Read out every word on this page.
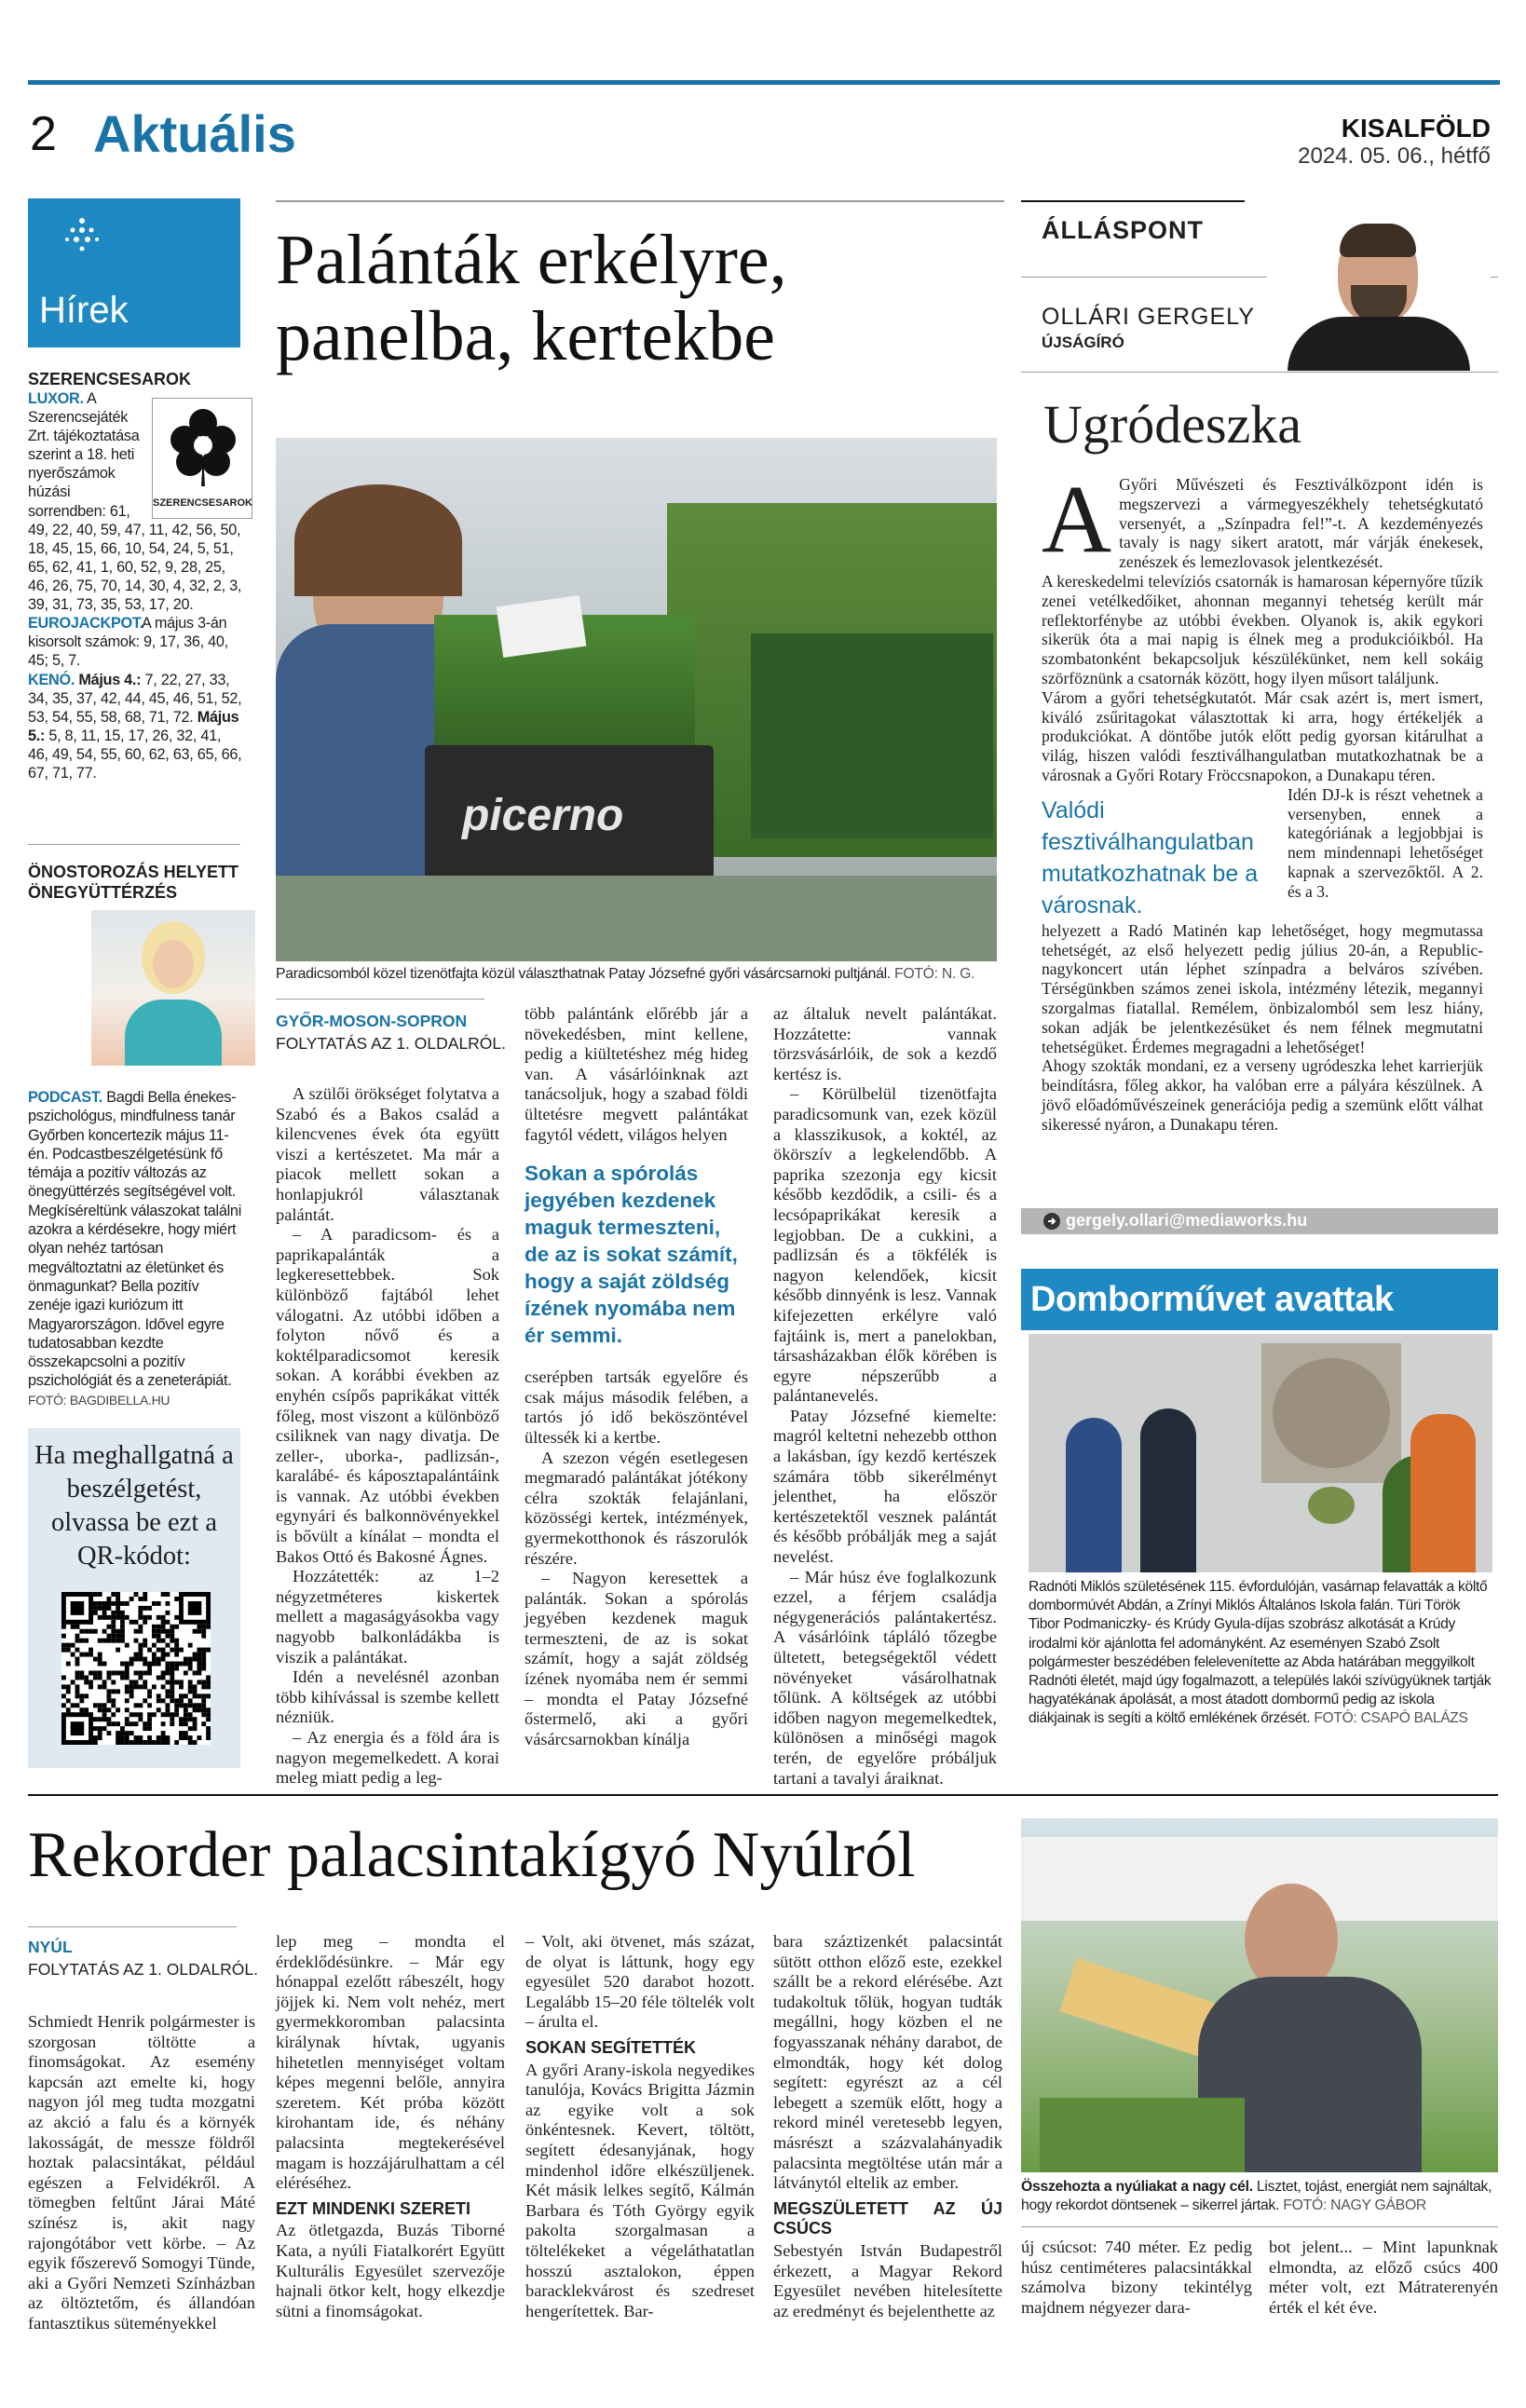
2 Aktuális	KISALFÖLD
2024. 05. 06., hétfő
Hírek
SZERENCSESAROK
SZERENCSESAROK
LUXOR. A Szerencsejáték Zrt. tájékoztatása szerint a 18. heti nyerőszámok húzási sorrendben: 61, 49, 22, 40, 59, 47, 11, 42, 56, 50, 18, 45, 15, 66, 10, 54, 24, 5, 51, 65, 62, 41, 1, 60, 52, 9, 28, 25, 46, 26, 75, 70, 14, 30, 4, 32, 2, 3, 39, 31, 73, 35, 53, 17, 20.
EUROJACKPOT.
A május 3-án kisorsolt számok: 9, 17, 36, 40, 45; 5, 7.
KENÓ. Május 4.: 7, 22, 27, 33, 34, 35, 37, 42, 44, 45, 46, 51, 52, 53, 54, 55, 58, 68, 71, 72. Május 5.: 5, 8, 11, 15, 17, 26, 32, 41, 46, 49, 54, 55, 60, 62, 63, 65, 66, 67, 71, 77.
ÖNOSTOROZÁS HELYETT ÖNEGYÜTTÉRZÉS
PODCAST. Bagdi Bella énekes-pszichológus, mindfulness tanár Győrben koncertezik május 11-én. Podcastbeszélgetésünk fő témája a pozitív változás az önegyüttérzés segítségével volt. Megkíséreltünk válaszokat találni azokra a kérdésekre, hogy miért olyan nehéz tartósan megváltoztatni az életünket és önmagunkat? Bella pozitív zenéje igazi kuriózum itt Magyarországon. Idővel egyre tudatosabban kezdte összekapcsolni a pozitív pszichológiát és a zeneterápiát.
FOTÓ: BAGDIBELLA.HU
Ha meghallgatná a beszélgetést, olvassa be ezt a QR-kódot:
Palánták erkélyre, panelba, kertekbe
picerno
Paradicsomból közel tizenötfajta közül választhatnak Patay Józsefné győri vásárcsarnoki pultjánál. FOTÓ: N. G.
GYŐR-MOSON-SOPRON
FOLYTATÁS AZ 1. OLDALRÓL.

A szülői örökséget folytatva a Szabó és a Bakos család a kilencvenes évek óta együtt viszi a kertészetet. Ma már a piacok mellett sokan a honlapjukról választanak palántát.

– A paradicsom- és a paprikapalánták a legkeresettebbek. Sok különböző fajtából lehet válogatni. Az utóbbi időben a folyton nővő és a koktélparadicsomot keresik sokan. A korábbi években az enyhén csípős paprikákat vitték főleg, most viszont a különböző csiliknek van nagy divatja. De zeller-, uborka-, padlizsán-, karalábé- és káposztapalántáink is vannak. Az utóbbi években egynyári és balkonnövényekkel is bővült a kínálat – mondta el Bakos Ottó és Bakosné Ágnes.

Hozzátették: az 1–2 négyzetméteres kiskertek mellett a magaságyásokba vagy nagyobb balkonládákba is viszik a palántákat.

Idén a nevelésnél azonban több kihívással is szembe kellett nézniük.

– Az energia és a föld ára is nagyon megemelkedett. A korai meleg miatt pedig a leg-

több palántánk előrébb jár a növekedésben, mint kellene, pedig a kiültetéshez még hideg van. A vásárlóinknak azt tanácsoljuk, hogy a szabad földi ültetésre megvett palántákat fagytól védett, világos helyen

Sokan a spórolás jegyében kezdenek maguk termeszteni, de az is sokat számít, hogy a saját zöldség ízének nyomába nem ér semmi.

cserépben tartsák egyelőre és csak május második felében, a tartós jó idő beköszöntével ültessék ki a kertbe.

A szezon végén esetlegesen megmaradó palántákat jótékony célra szokták felajánlani, közösségi kertek, intézmények, gyermekotthonok és rászorulók részére.

– Nagyon keresettek a palánták. Sokan a spórolás jegyében kezdenek maguk termeszteni, de az is sokat számít, hogy a saját zöldség ízének nyomába nem ér semmi – mondta el Patay Józsefné őstermelő, aki a győri vásárcsarnokban kínálja

az általuk nevelt palántákat. Hozzátette: vannak törzsvásárlóik, de sok a kezdő kertész is.

– Körülbelül tizenötfajta paradicsomunk van, ezek közül a klasszikusok, a koktél, az ökörszív a legkelendőbb. A paprika szezonja egy kicsit később kezdődik, a csili- és a lecsópaprikákat keresik a legjobban. De a cukkini, a padlizsán és a tökfélék is nagyon kelendőek, kicsit később dinnyénk is lesz. Vannak kifejezetten erkélyre való fajtáink is, mert a panelokban, társasházakban élők körében is egyre népszerűbb a palántanevelés.

Patay Józsefné kiemelte: magról keltetni nehezebb otthon a lakásban, így kezdő kertészek számára több sikerélményt jelenthet, ha először kertészetektől vesznek palántát és később próbálják meg a saját nevelést.

– Már húsz éve foglalkozunk ezzel, a férjem családja négygenerációs palántakertész. A vásárlóink tápláló tőzegbe ültetett, betegségektől védett növényeket vásárolhatnak tőlünk. A költségek az utóbbi időben nagyon megemelkedtek, különösen a minőségi magok terén, de egyelőre próbáljuk tartani a tavalyi áraiknat.

ÁLLÁSPONT
OLLÁRI GERGELY
ÚJSÁGÍRÓ
Ugródeszka
A Győri Művészeti és Fesztiválközpont idén is megszervezi a vármegyeszékhely tehetségkutató versenyét, a „Színpadra fel!”-t. A kezdeményezés tavaly is nagy sikert aratott, már várják énekesek, zenészek és lemezlovasok jelentkezését.

A kereskedelmi televíziós csatornák is hamarosan képernyőre tűzik zenei vetélkedőiket, ahonnan megannyi tehetség került már reflektorfénybe az utóbbi években. Olyanok is, akik egykori sikerük óta a mai napig is élnek meg a produkcióikból. Ha szombatonként bekapcsoljuk készülékünket, nem kell sokáig szörföznünk a csatornák között, hogy ilyen műsort találjunk.

Várom a győri tehetségkutatót. Már csak azért is, mert ismert, kiváló zsűritagokat választottak ki arra, hogy értékeljék a produkciókat. A döntőbe jutók előtt pedig gyorsan kitárulhat a világ, hiszen valódi fesztiválhangulatban mutatkozhatnak be a városnak a Győri Rotary Fröccsnapokon, a Dunakapu téren.

Valódi fesztiválhangulatban mutatkozhatnak be a városnak.

Idén DJ-k is részt vehetnek a versenyben, ennek a kategóriának a legjobbjai is nem mindennapi lehetőséget kapnak a szervezőktől. A 2. és a 3.

helyezett a Radó Matinén kap lehetőséget, hogy megmutassa tehetségét, az első helyezett pedig július 20-án, a Republic-nagykoncert után léphet színpadra a belváros szívében. Térségünkben számos zenei iskola, intézmény létezik, megannyi szorgalmas fiatallal. Remélem, önbizalomból sem lesz hiány, sokan adják be jelentkezésüket és nem félnek megmutatni tehetségüket. Érdemes megragadni a lehetőséget!

Ahogy szokták mondani, ez a verseny ugródeszka lehet karrierjük beindításra, főleg akkor, ha valóban erre a pályára készülnek. A jövő előadóművészeinek generációja pedig a szemünk előtt válhat sikeressé nyáron, a Dunakapu téren.

gergely.ollari@mediaworks.hu
Domborművet avattak
Radnóti Miklós születésének 115. évfordulóján, vasárnap felavatták a költő dombormúvét Abdán, a Zrínyi Miklós Általános Iskola falán. Türi Török Tibor Podmaniczky- és Krúdy Gyula-díjas szobrász alkotását a Krúdy irodalmi kör ajánlotta fel adományként. Az eseményen Szabó Zsolt polgármester beszédében felelevenítette az Abda határában meggyilkolt Radnóti életét, majd úgy fogalmazott, a település lakói szívügyüknek tartják hagyatékának ápolását, a most átadott dombormű pedig az iskola diákjainak is segíti a költő emlékének őrzését. FOTÓ: CSAPÓ BALÁZS
Rekorder palacsintakígyó Nyúlról
NYÚL
FOLYTATÁS AZ 1. OLDALRÓL.

Schmiedt Henrik polgármester is szorgosan töltötte a finomságokat. Az esemény kapcsán azt emelte ki, hogy nagyon jól meg tudta mozgatni az akció a falu és a környék lakosságát, de messze földről hoztak palacsintákat, például egészen a Felvidékről. A tömegben feltűnt Járai Máté színész is, akit nagy rajongótábor vett körbe. – Az egyik főszerevő Somogyi Tünde, aki a Győri Nemzeti Színházban az öltöztetőm, és állandóan fantasztikus süteményekkel

lep meg – mondta el érdeklődésünkre. – Már egy hónappal ezelőtt rábeszélt, hogy jöjjek ki. Nem volt nehéz, mert gyermekkoromban palacsinta királynak hívtak, ugyanis hihetetlen mennyiséget voltam képes megenni belőle, annyira szeretem. Két próba között kirohantam ide, és néhány palacsinta megtekerésével magam is hozzájárulhattam a cél eléréséhez.

EZT MINDENKI SZERETI

Az ötletgazda, Buzás Tiborné Kata, a nyúli Fiatalkorért Együtt Kulturális Egyesület szervezője hajnali ötkor kelt, hogy elkezdje sütni a finomságokat.

– Volt, aki ötvenet, más százat, de olyat is láttunk, hogy egy egyesület 520 darabot hozott. Legalább 15–20 féle töltelék volt – árulta el.

SOKAN SEGÍTETTÉK

A győri Arany-iskola negyedikes tanulója, Kovács Brigitta Jázmin az egyike volt a sok önkéntesnek. Kevert, töltött, segített édesanyjának, hogy mindenhol időre elkészüljenek. Két másik lelkes segítő, Kálmán Barbara és Tóth György egyik pakolta szorgalmasan a töltelékeket a végeláthatatlan hosszú asztalokon, éppen baracklekvárost és szedreset hengerítettek. Bar-

bara száztizenkét palacsintát sütött otthon előző este, ezekkel szállt be a rekord elérésébe. Azt tudakoltuk tőlük, hogyan tudták megállni, hogy közben el ne fogyasszanak néhány darabot, de elmondták, hogy két dolog segített: egyrészt az a cél lebegett a szemük előtt, hogy a rekord minél veretesebb legyen, másrészt a százvalahányadik palacsinta megtöltése után már a látványtól eltelik az ember.

MEGSZÜLETETT AZ ÚJ CSÚCS

Sebestyén István Budapestről érkezett, a Magyar Rekord Egyesület nevében hitelesítette az eredményt és bejelenthette az

Összehozta a nyúliakat a nagy cél. Lisztet, tojást, energiát nem sajnáltak, hogy rekordot döntsenek – sikerrel jártak. FOTÓ: NAGY GÁBOR

új csúcsot: 740 méter. Ez pedig húsz centiméteres palacsintákkal számolva bizony tekintélyg majdnem négyezer dara-

bot jelent... – Mint lapunknak elmondta, az előző csúcs 400 méter volt, ezt Mátraterenyén érték el két éve.
